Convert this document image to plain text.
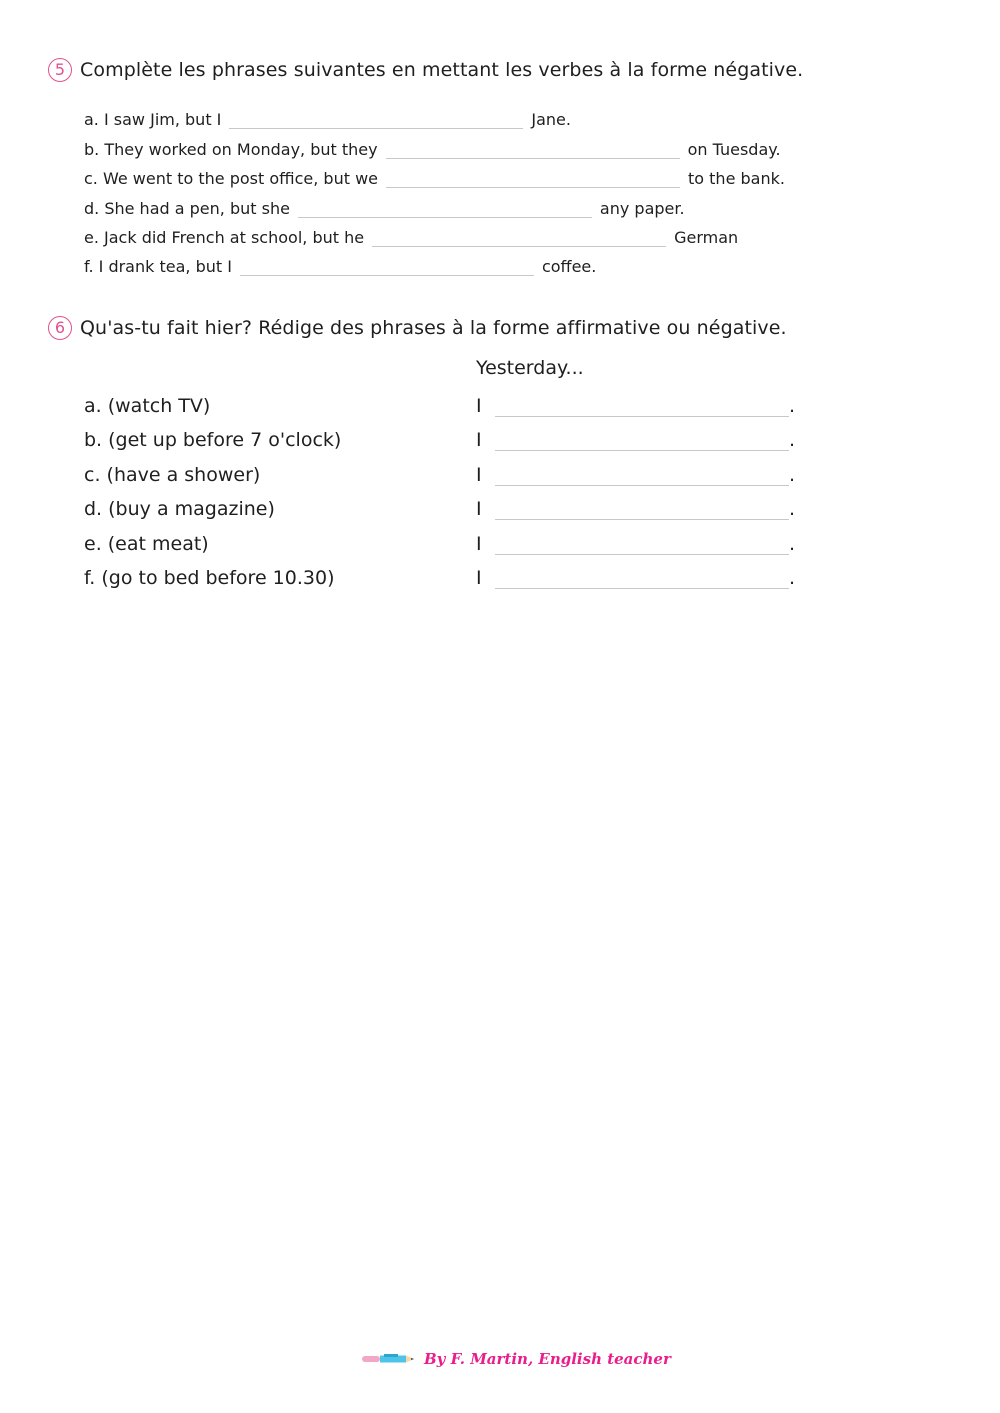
5 Complète les phrases suivantes en mettant les verbes à la forme négative.
a. I saw Jim, but I	Jane.
b. They worked on Monday, but they	on Tuesday.
c. We went to the post office, but we	to the bank.
d. She had a pen, but she	any paper.
e. Jack did French at school, but he	German
f. I drank tea, but I	coffee.
6 Qu'as-tu fait hier? Rédige des phrases à la forme affirmative ou négative.
Yesterday...
a. (watch TV)	I	.
b. (get up before 7 o'clock)	I	.
c. (have a shower)	I	.
d. (buy a magazine)	I	.
e. (eat meat)	I	.
f. (go to bed before 10.30)	I	.
By F. Martin, English teacher
